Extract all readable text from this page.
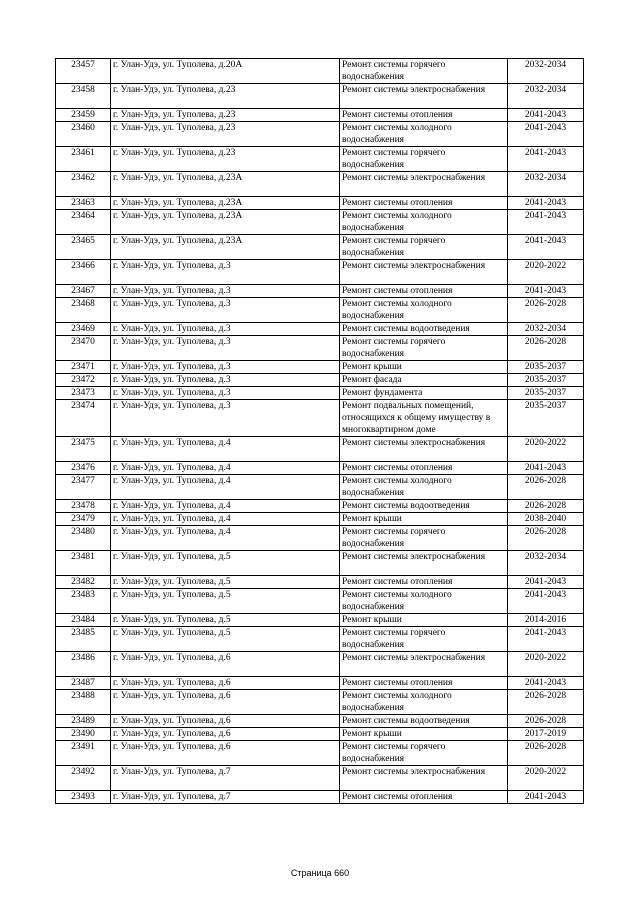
23457	г. Улан-Удэ, ул. Туполева, д.20А	Ремонт системы горячего водоснабжения	2032-2034
23458	г. Улан-Удэ, ул. Туполева, д.23	Ремонт системы электроснабжения	2032-2034
23459	г. Улан-Удэ, ул. Туполева, д.23	Ремонт системы отопления	2041-2043
23460	г. Улан-Удэ, ул. Туполева, д.23	Ремонт системы холодного водоснабжения	2041-2043
23461	г. Улан-Удэ, ул. Туполева, д.23	Ремонт системы горячего водоснабжения	2041-2043
23462	г. Улан-Удэ, ул. Туполева, д.23А	Ремонт системы электроснабжения	2032-2034
23463	г. Улан-Удэ, ул. Туполева, д.23А	Ремонт системы отопления	2041-2043
23464	г. Улан-Удэ, ул. Туполева, д.23А	Ремонт системы холодного водоснабжения	2041-2043
23465	г. Улан-Удэ, ул. Туполева, д.23А	Ремонт системы горячего водоснабжения	2041-2043
23466	г. Улан-Удэ, ул. Туполева, д.3	Ремонт системы электроснабжения	2020-2022
23467	г. Улан-Удэ, ул. Туполева, д.3	Ремонт системы отопления	2041-2043
23468	г. Улан-Удэ, ул. Туполева, д.3	Ремонт системы холодного водоснабжения	2026-2028
23469	г. Улан-Удэ, ул. Туполева, д.3	Ремонт системы водоотведения	2032-2034
23470	г. Улан-Удэ, ул. Туполева, д.3	Ремонт системы горячего водоснабжения	2026-2028
23471	г. Улан-Удэ, ул. Туполева, д.3	Ремонт крыши	2035-2037
23472	г. Улан-Удэ, ул. Туполева, д.3	Ремонт фасада	2035-2037
23473	г. Улан-Удэ, ул. Туполева, д.3	Ремонт фундамента	2035-2037
23474	г. Улан-Удэ, ул. Туполева, д.3	Ремонт подвальных помещений, относящихся к общему имуществу в многоквартирном доме	2035-2037
23475	г. Улан-Удэ, ул. Туполева, д.4	Ремонт системы электроснабжения	2020-2022
23476	г. Улан-Удэ, ул. Туполева, д.4	Ремонт системы отопления	2041-2043
23477	г. Улан-Удэ, ул. Туполева, д.4	Ремонт системы холодного водоснабжения	2026-2028
23478	г. Улан-Удэ, ул. Туполева, д.4	Ремонт системы водоотведения	2026-2028
23479	г. Улан-Удэ, ул. Туполева, д.4	Ремонт крыши	2038-2040
23480	г. Улан-Удэ, ул. Туполева, д.4	Ремонт системы горячего водоснабжения	2026-2028
23481	г. Улан-Удэ, ул. Туполева, д.5	Ремонт системы электроснабжения	2032-2034
23482	г. Улан-Удэ, ул. Туполева, д.5	Ремонт системы отопления	2041-2043
23483	г. Улан-Удэ, ул. Туполева, д.5	Ремонт системы холодного водоснабжения	2041-2043
23484	г. Улан-Удэ, ул. Туполева, д.5	Ремонт крыши	2014-2016
23485	г. Улан-Удэ, ул. Туполева, д.5	Ремонт системы горячего водоснабжения	2041-2043
23486	г. Улан-Удэ, ул. Туполева, д.6	Ремонт системы электроснабжения	2020-2022
23487	г. Улан-Удэ, ул. Туполева, д.6	Ремонт системы отопления	2041-2043
23488	г. Улан-Удэ, ул. Туполева, д.6	Ремонт системы холодного водоснабжения	2026-2028
23489	г. Улан-Удэ, ул. Туполева, д.6	Ремонт системы водоотведения	2026-2028
23490	г. Улан-Удэ, ул. Туполева, д.6	Ремонт крыши	2017-2019
23491	г. Улан-Удэ, ул. Туполева, д.6	Ремонт системы горячего водоснабжения	2026-2028
23492	г. Улан-Удэ, ул. Туполева, д.7	Ремонт системы электроснабжения	2020-2022
23493	г. Улан-Удэ, ул. Туполева, д.7	Ремонт системы отопления	2041-2043
Страница 660
